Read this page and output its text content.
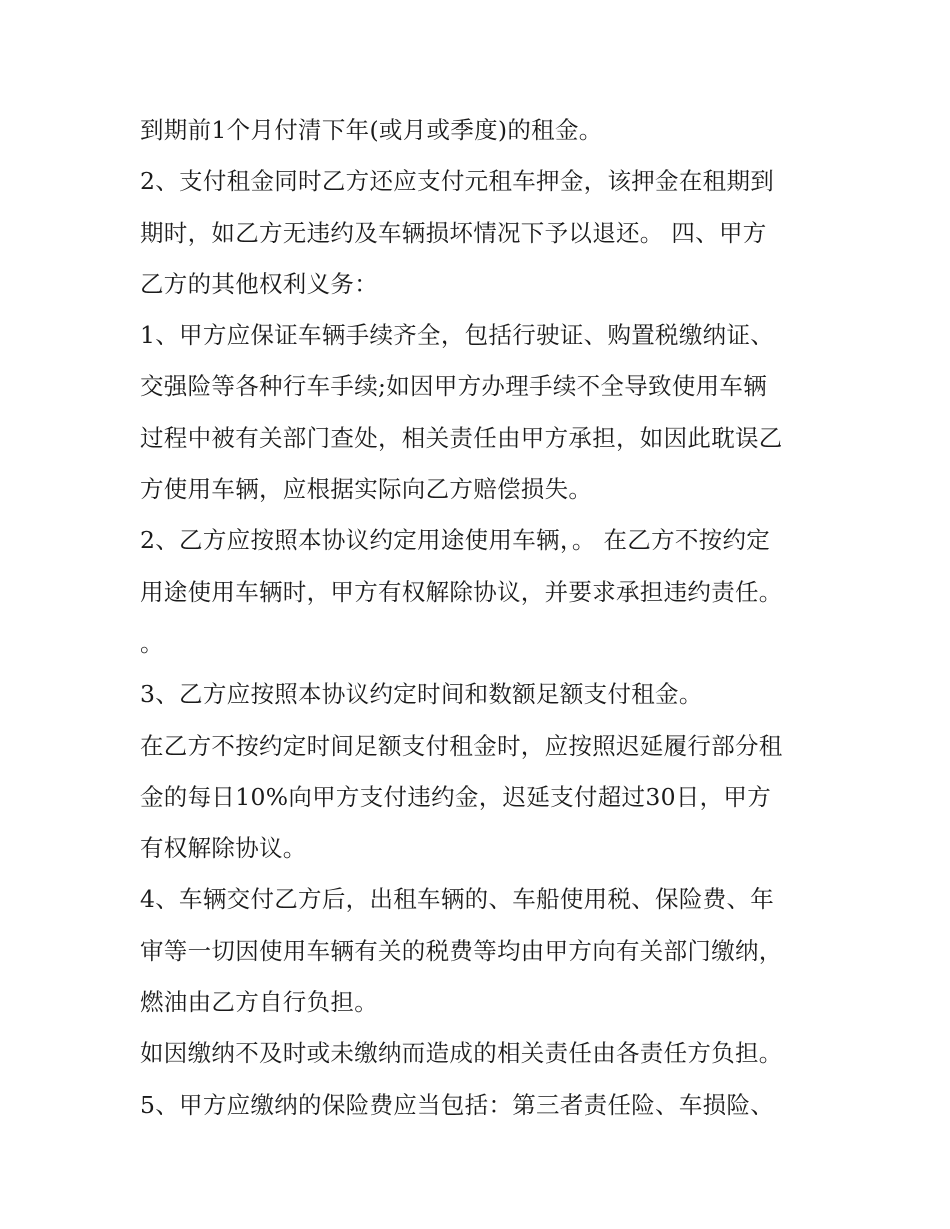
到期前1个月付清下年(或月或季度)的租金。
2、支付租金同时乙方还应支付元租车押金，该押金在租期到
期时，如乙方无违约及车辆损坏情况下予以退还。 四、甲方
乙方的其他权利义务：
1、甲方应保证车辆手续齐全，包括行驶证、购置税缴纳证、
交强险等各种行车手续;如因甲方办理手续不全导致使用车辆
过程中被有关部门查处，相关责任由甲方承担，如因此耽误乙
方使用车辆，应根据实际向乙方赔偿损失。
2、乙方应按照本协议约定用途使用车辆，。 在乙方不按约定
用途使用车辆时，甲方有权解除协议，并要求承担违约责任。
。
3、乙方应按照本协议约定时间和数额足额支付租金。
在乙方不按约定时间足额支付租金时，应按照迟延履行部分租
金的每日10%向甲方支付违约金，迟延支付超过30日，甲方
有权解除协议。
4、车辆交付乙方后，出租车辆的、车船使用税、保险费、年
审等一切因使用车辆有关的税费等均由甲方向有关部门缴纳，
燃油由乙方自行负担。
如因缴纳不及时或未缴纳而造成的相关责任由各责任方负担。
5、甲方应缴纳的保险费应当包括：第三者责任险、车损险、
